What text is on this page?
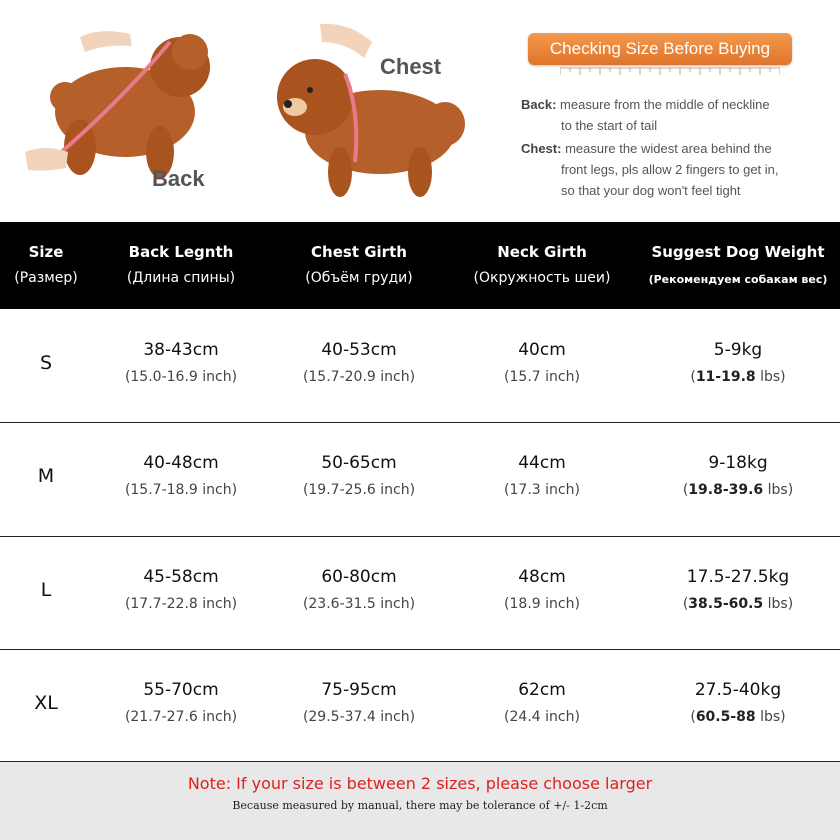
Back
Chest
Checking Size Before Buying
Back:
measure from the middle of neckline
to the start of tail
Chest:
measure the widest area behind the
front legs, pls allow 2 fingers to get in,
so that your dog won't feel tight
Size
(Размер)
Back Legnth
(Длина спины)
Chest Girth
(Объём груди)
Neck Girth
(Окружность шеи)
Suggest Dog Weight
(Рекомендуем собакам вес)
S
38-43cm
(15.0-16.9 inch)
40-53cm
(15.7-20.9 inch)
40cm
(15.7 inch)
5-9kg
(11-19.8 lbs)
M
40-48cm
(15.7-18.9 inch)
50-65cm
(19.7-25.6 inch)
44cm
(17.3 inch)
9-18kg
(19.8-39.6 lbs)
L
45-58cm
(17.7-22.8 inch)
60-80cm
(23.6-31.5 inch)
48cm
(18.9 inch)
17.5-27.5kg
(38.5-60.5 lbs)
XL
55-70cm
(21.7-27.6 inch)
75-95cm
(29.5-37.4 inch)
62cm
(24.4 inch)
27.5-40kg
(60.5-88 lbs)
Note: If your size is between 2 sizes, please choose larger
Because measured by manual, there may be tolerance of +/- 1-2cm
